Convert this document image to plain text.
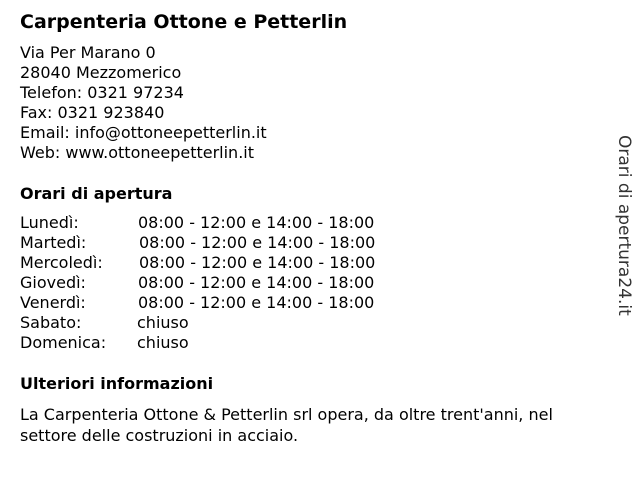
Carpenteria Ottone e Petterlin
Via Per Marano 0
28040 Mezzomerico
Telefon: 0321 97234
Fax: 0321 923840
Email: info@ottoneepetterlin.it
Web: www.ottoneepetterlin.it
Orari di apertura
Lunedì:	08:00 - 12:00 e 14:00 - 18:00
Martedì:	08:00 - 12:00 e 14:00 - 18:00
Mercoledì: 08:00 - 12:00 e 14:00 - 18:00
Giovedì:	08:00 - 12:00 e 14:00 - 18:00
Venerdì:	08:00 - 12:00 e 14:00 - 18:00
Sabato:	chiuso
Domenica: chiuso
Ulteriori informazioni
La Carpenteria Ottone & Petterlin srl opera, da oltre trent'anni, nel settore delle costruzioni in acciaio.
Orari di apertura24.it
